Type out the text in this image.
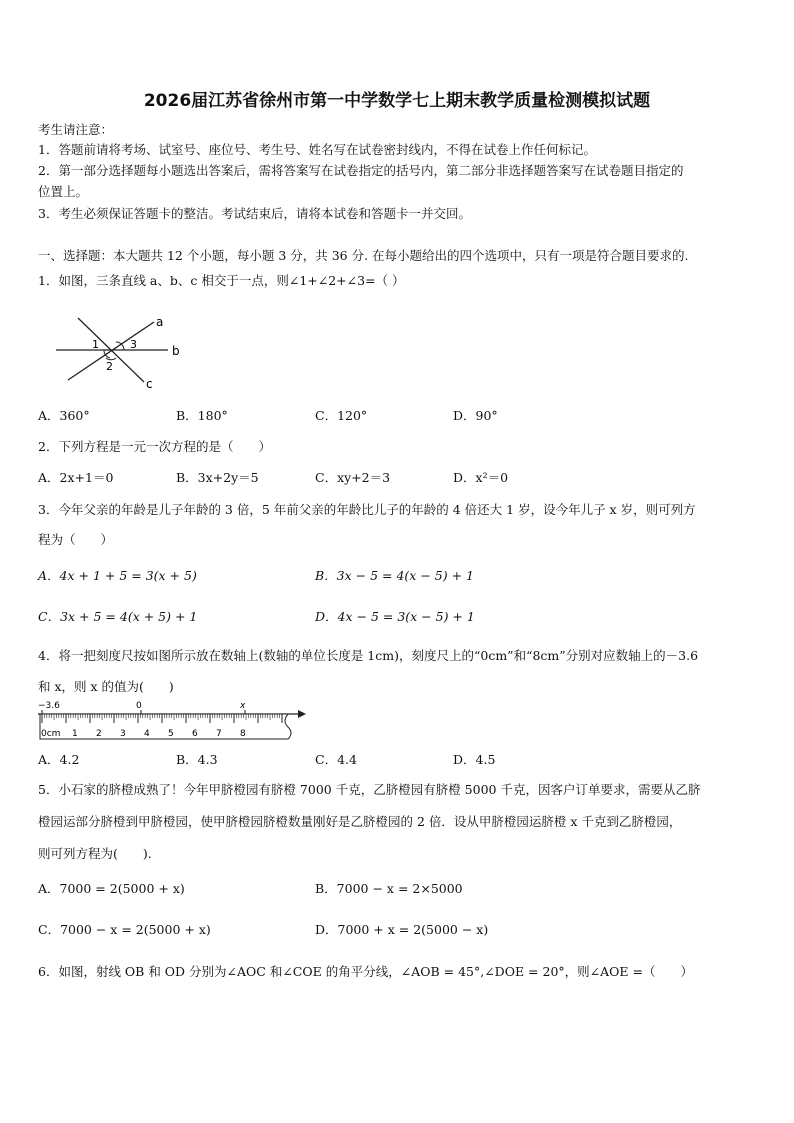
2026届江苏省徐州市第一中学数学七上期末教学质量检测模拟试题
考生请注意：
1．答题前请将考场、试室号、座位号、考生号、姓名写在试卷密封线内，不得在试卷上作任何标记。
2．第一部分选择题每小题选出答案后，需将答案写在试卷指定的括号内，第二部分非选择题答案写在试卷题目指定的
位置上。
3．考生必须保证答题卡的整洁。考试结束后，请将本试卷和答题卡一并交回。
一、选择题：本大题共 12 个小题，每小题 3 分，共 36 分. 在每小题给出的四个选项中，只有一项是符合题目要求的.
1．如图，三条直线 a、b、c 相交于一点，则∠1+∠2+∠3=（ ）
a
b
c
1
2
3
A．360°	B．180°	C．120°	D．90°
2．下列方程是一元一次方程的是（　　）
A．2x+1＝0	B．3x+2y＝5	C．xy+2＝3	D．x²＝0
3．今年父亲的年龄是儿子年龄的 3 倍，5 年前父亲的年龄比儿子的年龄的 4 倍还大 1 岁，设今年儿子 x 岁，则可列方
程为（　　）
A．4x + 1 + 5 = 3(x + 5)	B．3x − 5 = 4(x − 5) + 1
C．3x + 5 = 4(x + 5) + 1	D．4x − 5 = 3(x − 5) + 1
4．将一把刻度尺按如图所示放在数轴上(数轴的单位长度是 1cm)，刻度尺上的“0cm”和“8cm”分别对应数轴上的－3.6
和 x，则 x 的值为(　　)
−3.6	0	x
0cm 1 2 3 4 5 6 7 8
A．4.2	B．4.3	C．4.4	D．4.5
5．小石家的脐橙成熟了！今年甲脐橙园有脐橙 7000 千克，乙脐橙园有脐橙 5000 千克，因客户订单要求，需要从乙脐
橙园运部分脐橙到甲脐橙园，使甲脐橙园脐橙数量刚好是乙脐橙园的 2 倍．设从甲脐橙园运脐橙 x 千克到乙脐橙园，
则可列方程为(　　).
A．7000 = 2(5000 + x)	B．7000 − x = 2×5000
C．7000 − x = 2(5000 + x)	D．7000 + x = 2(5000 − x)
6．如图，射线 OB 和 OD 分别为∠AOC 和∠COE 的角平分线，∠AOB = 45°,∠DOE = 20°，则∠AOE =（　　）
